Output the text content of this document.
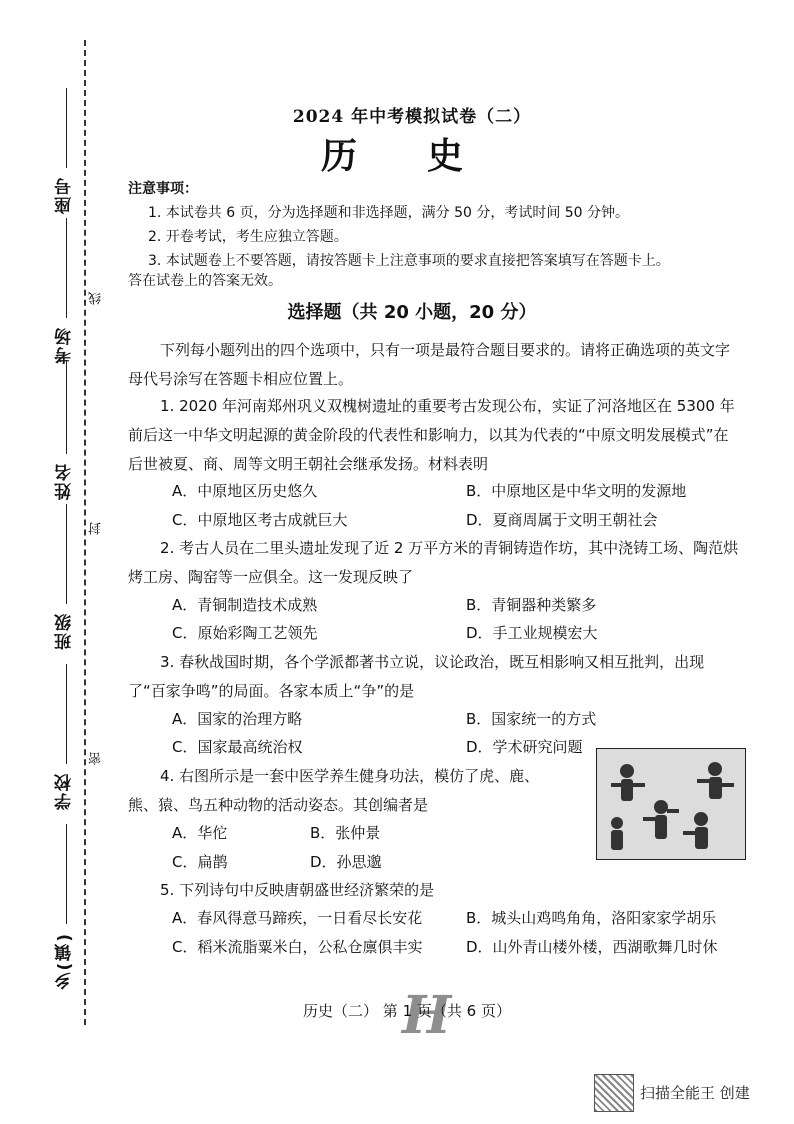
座号
考场
姓名
班级
学校
乡(镇)
线
封
密
2024 年中考模拟试卷（二）
历史
注意事项：
1. 本试卷共 6 页，分为选择题和非选择题，满分 50 分，考试时间 50 分钟。
2. 开卷考试，考生应独立答题。
3. 本试题卷上不要答题，请按答题卡上注意事项的要求直接把答案填写在答题卡上。
答在试卷上的答案无效。
选择题（共 20 小题，20 分）
下列每小题列出的四个选项中，只有一项是最符合题目要求的。请将正确选项的英文字母代号涂写在答题卡相应位置上。
1. 2020 年河南郑州巩义双槐树遗址的重要考古发现公布，实证了河洛地区在 5300 年前后这一中华文明起源的黄金阶段的代表性和影响力，以其为代表的“中原文明发展模式”在后世被夏、商、周等文明王朝社会继承发扬。材料表明
A．中原地区历史悠久	B．中原地区是中华文明的发源地
C．中原地区考古成就巨大	D．夏商周属于文明王朝社会
2. 考古人员在二里头遗址发现了近 2 万平方米的青铜铸造作坊，其中浇铸工场、陶范烘烤工房、陶窑等一应俱全。这一发现反映了
A．青铜制造技术成熟	B．青铜器种类繁多
C．原始彩陶工艺领先	D．手工业规模宏大
3. 春秋战国时期，各个学派都著书立说，议论政治，既互相影响又相互批判，出现了“百家争鸣”的局面。各家本质上“争”的是
A．国家的治理方略	B．国家统一的方式
C．国家最高统治权	D．学术研究问题
4. 右图所示是一套中医学养生健身功法，模仿了虎、鹿、熊、猿、鸟五种动物的活动姿态。其创编者是
A．华佗	B．张仲景
C．扁鹊	D．孙思邈
5. 下列诗句中反映唐朝盛世经济繁荣的是
A．春风得意马蹄疾，一日看尽长安花	B．城头山鸡鸣角角，洛阳家家学胡乐
C．稻米流脂粟米白，公私仓廪俱丰实	D．山外青山楼外楼，西湖歌舞几时休
H
历史（二） 第 1 页（共 6 页）
扫描全能王 创建
